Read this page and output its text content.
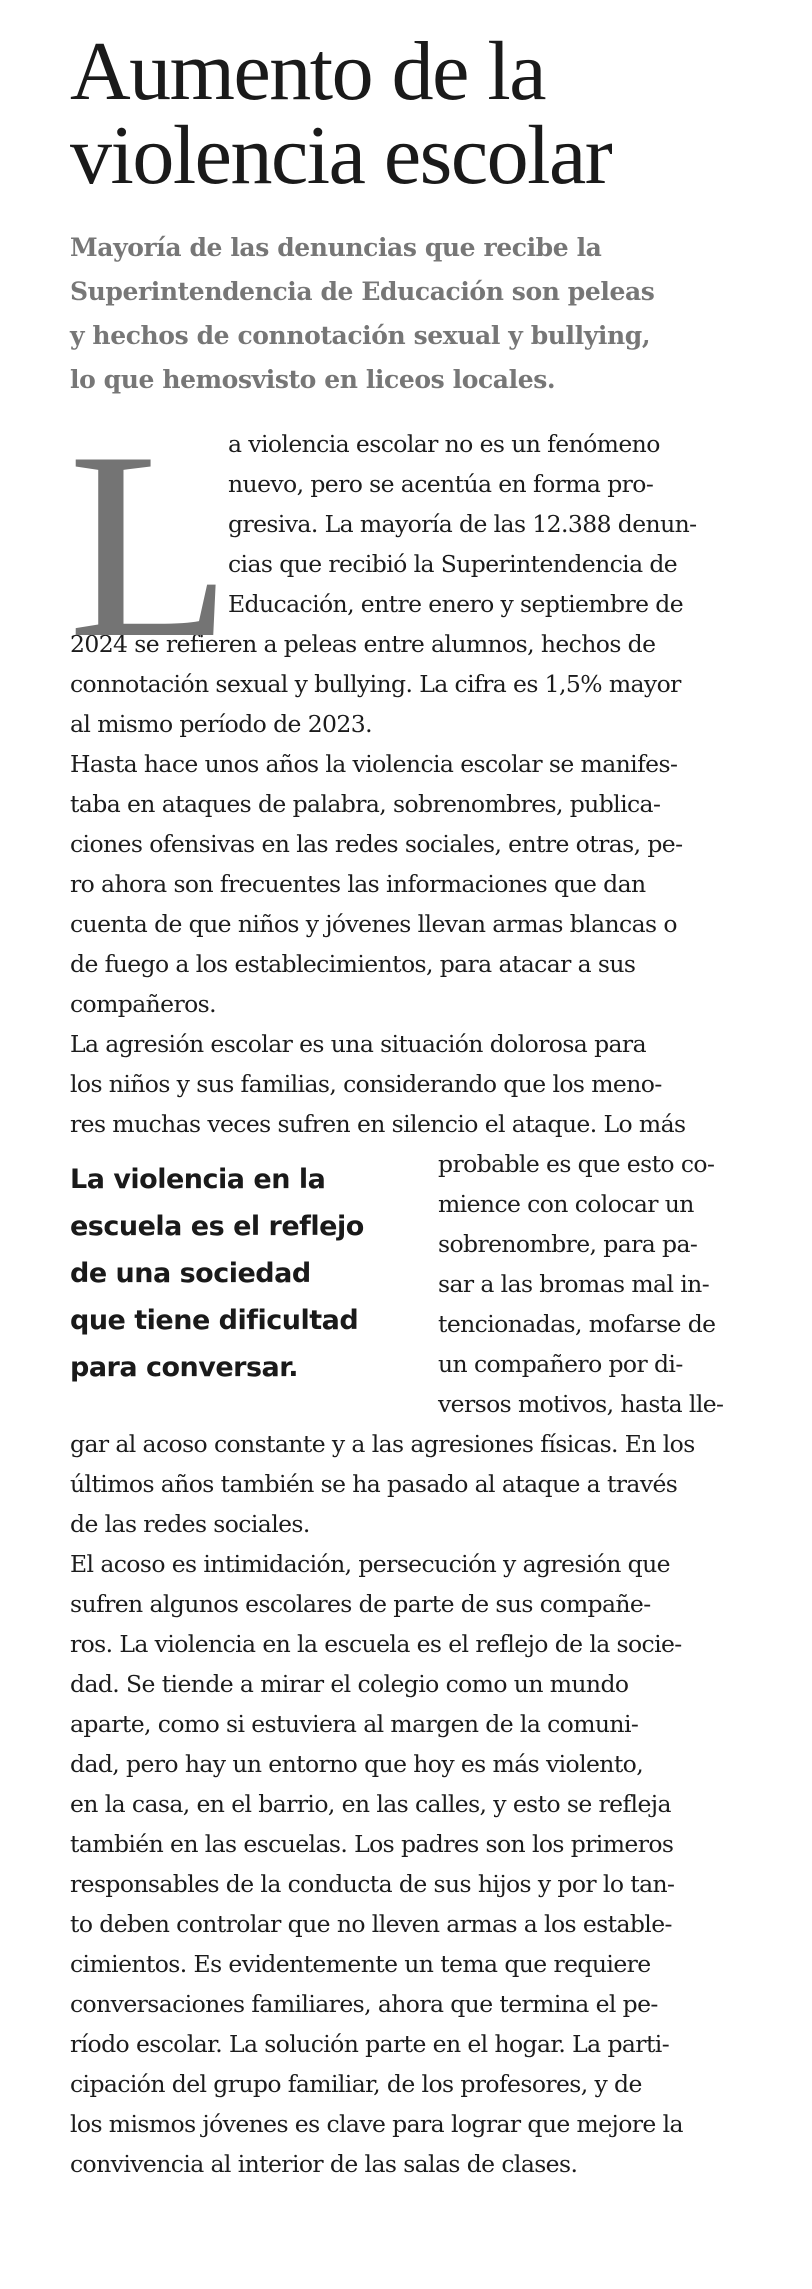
Aumento de la
violencia escolar
Mayoría de las denuncias que recibe la
Superintendencia de Educación son peleas
y hechos de connotación sexual y bullying,
lo que hemosvisto en liceos locales.
L
a violencia escolar no es un fenómeno
nuevo, pero se acentúa en forma pro-
gresiva. La mayoría de las 12.388 denun-
cias que recibió la Superintendencia de
Educación, entre enero y septiembre de
2024 se refieren a peleas entre alumnos, hechos de
connotación sexual y bullying. La cifra es 1,5% mayor
al mismo período de 2023.
Hasta hace unos años la violencia escolar se manifes-
taba en ataques de palabra, sobrenombres, publica-
ciones ofensivas en las redes sociales, entre otras, pe-
ro ahora son frecuentes las informaciones que dan
cuenta de que niños y jóvenes llevan armas blancas o
de fuego a los establecimientos, para atacar a sus
compañeros.
La agresión escolar es una situación dolorosa para
los niños y sus familias, considerando que los meno-
res muchas veces sufren en silencio el ataque. Lo más
La violencia en la
escuela es el reflejo
de una sociedad
que tiene dificultad
para conversar.
probable es que esto co-
mience con colocar un
sobrenombre, para pa-
sar a las bromas mal in-
tencionadas, mofarse de
un compañero por di-
versos motivos, hasta lle-
gar al acoso constante y a las agresiones físicas. En los
últimos años también se ha pasado al ataque a través
de las redes sociales.
El acoso es intimidación, persecución y agresión que
sufren algunos escolares de parte de sus compañe-
ros. La violencia en la escuela es el reflejo de la socie-
dad. Se tiende a mirar el colegio como un mundo
aparte, como si estuviera al margen de la comuni-
dad, pero hay un entorno que hoy es más violento,
en la casa, en el barrio, en las calles, y esto se refleja
también en las escuelas. Los padres son los primeros
responsables de la conducta de sus hijos y por lo tan-
to deben controlar que no lleven armas a los estable-
cimientos. Es evidentemente un tema que requiere
conversaciones familiares, ahora que termina el pe-
ríodo escolar. La solución parte en el hogar. La parti-
cipación del grupo familiar, de los profesores, y de
los mismos jóvenes es clave para lograr que mejore la
convivencia al interior de las salas de clases.
